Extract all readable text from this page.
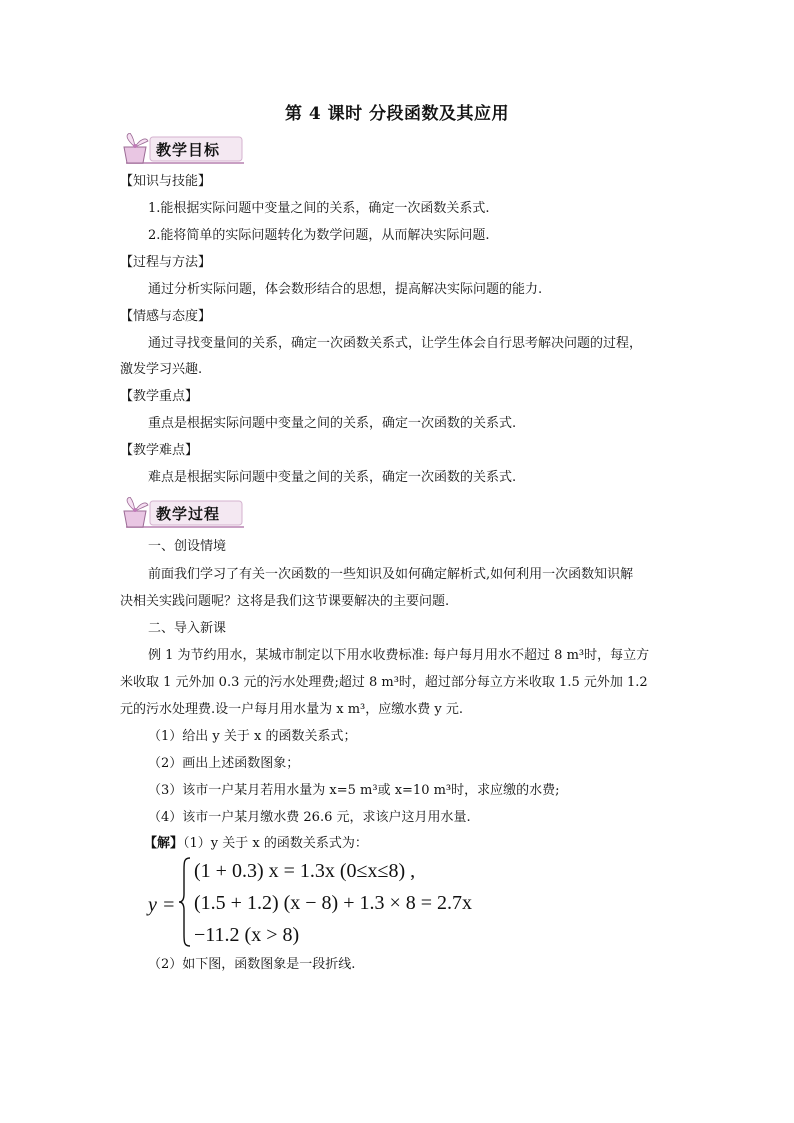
第 4 课时 分段函数及其应用
教学目标
【知识与技能】
1.能根据实际问题中变量之间的关系，确定一次函数关系式.
2.能将简单的实际问题转化为数学问题，从而解决实际问题.
【过程与方法】
通过分析实际问题，体会数形结合的思想，提高解决实际问题的能力.
【情感与态度】
通过寻找变量间的关系，确定一次函数关系式，让学生体会自行思考解决问题的过程，
激发学习兴趣.
【教学重点】
重点是根据实际问题中变量之间的关系，确定一次函数的关系式.
【教学难点】
难点是根据实际问题中变量之间的关系，确定一次函数的关系式.
教学过程
一、创设情境
前面我们学习了有关一次函数的一些知识及如何确定解析式,如何利用一次函数知识解
决相关实践问题呢？这将是我们这节课要解决的主要问题.
二、导入新课
例 1 为节约用水，某城市制定以下用水收费标准: 每户每月用水不超过 8 m³时，每立方
米收取 1 元外加 0.3 元的污水处理费;超过 8 m³时，超过部分每立方米收取 1.5 元外加 1.2
元的污水处理费.设一户每月用水量为 x m³，应缴水费 y 元.
（1）给出 y 关于 x 的函数关系式；
（2）画出上述函数图象；
（3）该市一户某月若用水量为 x=5 m³或 x=10 m³时，求应缴的水费;
（4）该市一户某月缴水费 26.6 元，求该户这月用水量.
【解】（1）y 关于 x 的函数关系式为：
y =
(1 + 0.3) x = 1.3x (0≤x≤8) ,
(1.5 + 1.2) (x − 8) + 1.3 × 8 = 2.7x
−11.2 (x > 8)
（2）如下图，函数图象是一段折线.
